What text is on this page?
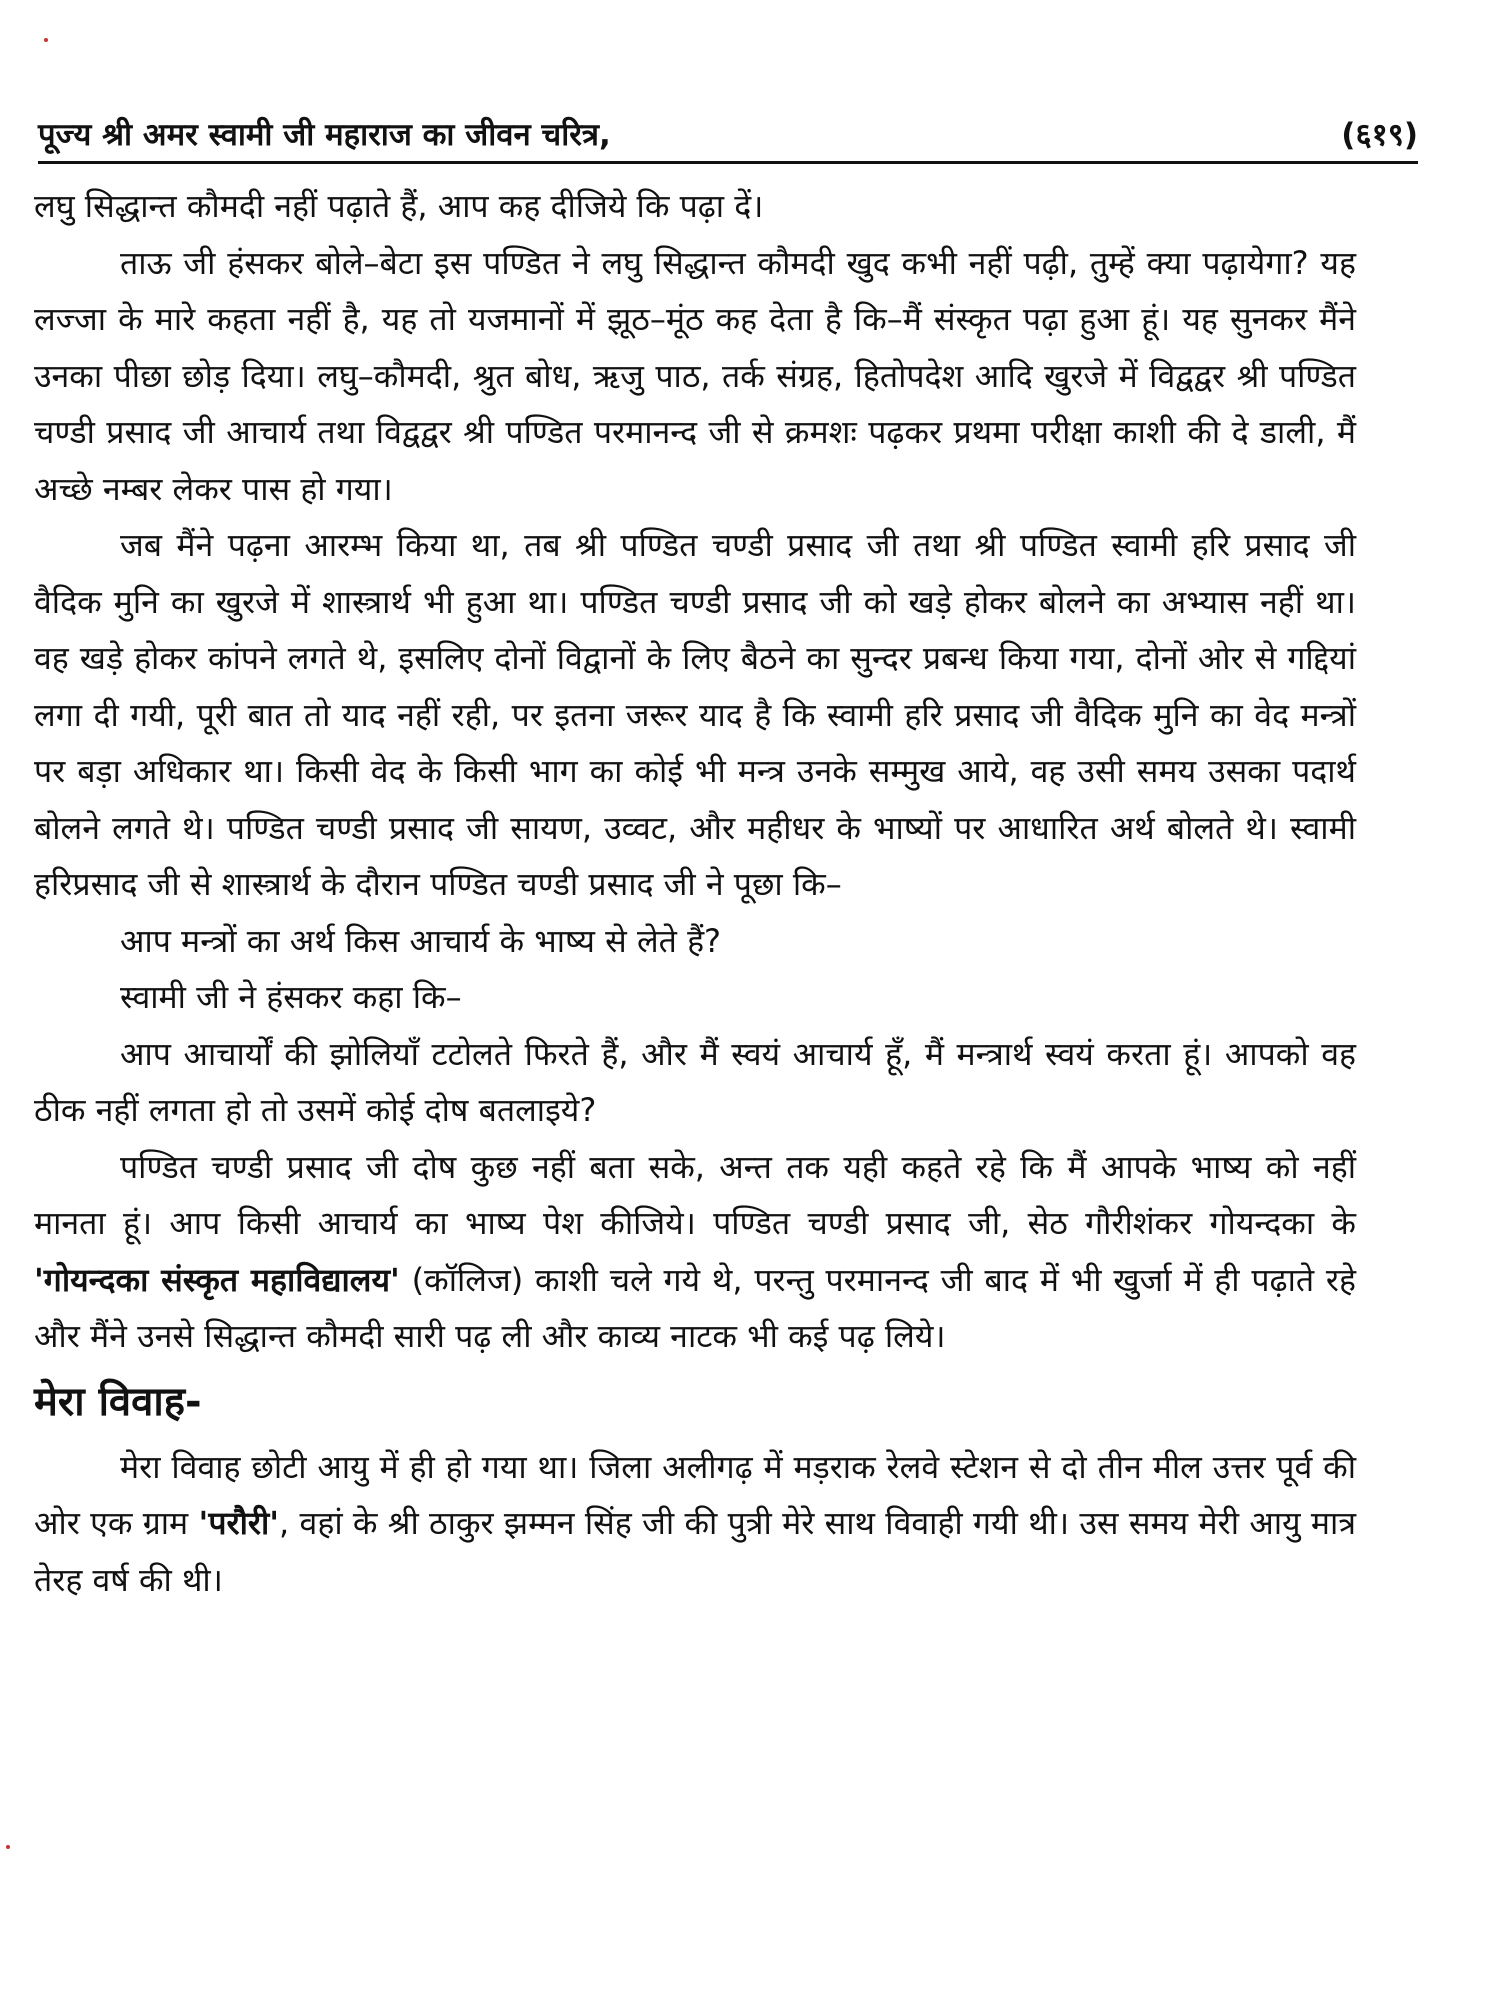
पूज्य श्री अमर स्वामी जी महाराज का जीवन चरित्र,	(६१९)

लघु सिद्धान्त कौमदी नहीं पढ़ाते हैं, आप कह दीजिये कि पढ़ा दें।

ताऊ जी हंसकर बोले–बेटा इस पण्डित ने लघु सिद्धान्त कौमदी खुद कभी नहीं पढ़ी, तुम्हें क्या पढ़ायेगा? यह लज्जा के मारे कहता नहीं है, यह तो यजमानों में झूठ–मूंठ कह देता है कि–मैं संस्कृत पढ़ा हुआ हूं। यह सुनकर मैंने उनका पीछा छोड़ दिया। लघु–कौमदी, श्रुत बोध, ऋजु पाठ, तर्क संग्रह, हितोपदेश आदि खुरजे में विद्वद्वर श्री पण्डित चण्डी प्रसाद जी आचार्य तथा विद्वद्वर श्री पण्डित परमानन्द जी से क्रमशः पढ़कर प्रथमा परीक्षा काशी की दे डाली, मैं अच्छे नम्बर लेकर पास हो गया।

जब मैंने पढ़ना आरम्भ किया था, तब श्री पण्डित चण्डी प्रसाद जी तथा श्री पण्डित स्वामी हरि प्रसाद जी वैदिक मुनि का खुरजे में शास्त्रार्थ भी हुआ था। पण्डित चण्डी प्रसाद जी को खड़े होकर बोलने का अभ्यास नहीं था। वह खड़े होकर कांपने लगते थे, इसलिए दोनों विद्वानों के लिए बैठने का सुन्दर प्रबन्ध किया गया, दोनों ओर से गद्दियां लगा दी गयी, पूरी बात तो याद नहीं रही, पर इतना जरूर याद है कि स्वामी हरि प्रसाद जी वैदिक मुनि का वेद मन्त्रों पर बड़ा अधिकार था। किसी वेद के किसी भाग का कोई भी मन्त्र उनके सम्मुख आये, वह उसी समय उसका पदार्थ बोलने लगते थे। पण्डित चण्डी प्रसाद जी सायण, उव्वट, और महीधर के भाष्यों पर आधारित अर्थ बोलते थे। स्वामी हरिप्रसाद जी से शास्त्रार्थ के दौरान पण्डित चण्डी प्रसाद जी ने पूछा कि–

आप मन्त्रों का अर्थ किस आचार्य के भाष्य से लेते हैं?

स्वामी जी ने हंसकर कहा कि–

आप आचार्यों की झोलियाँ टटोलते फिरते हैं, और मैं स्वयं आचार्य हूँ, मैं मन्त्रार्थ स्वयं करता हूं। आपको वह ठीक नहीं लगता हो तो उसमें कोई दोष बतलाइये?

पण्डित चण्डी प्रसाद जी दोष कुछ नहीं बता सके, अन्त तक यही कहते रहे कि मैं आपके भाष्य को नहीं मानता हूं। आप किसी आचार्य का भाष्य पेश कीजिये। पण्डित चण्डी प्रसाद जी, सेठ गौरीशंकर गोयन्दका के 'गोयन्दका संस्कृत महाविद्यालय' (कॉलिज) काशी चले गये थे, परन्तु परमानन्द जी बाद में भी खुर्जा में ही पढ़ाते रहे और मैंने उनसे सिद्धान्त कौमदी सारी पढ़ ली और काव्य नाटक भी कई पढ़ लिये।

मेरा विवाह-

मेरा विवाह छोटी आयु में ही हो गया था। जिला अलीगढ़ में मड़राक रेलवे स्टेशन से दो तीन मील उत्तर पूर्व की ओर एक ग्राम 'परौरी', वहां के श्री ठाकुर झम्मन सिंह जी की पुत्री मेरे साथ विवाही गयी थी। उस समय मेरी आयु मात्र तेरह वर्ष की थी।
